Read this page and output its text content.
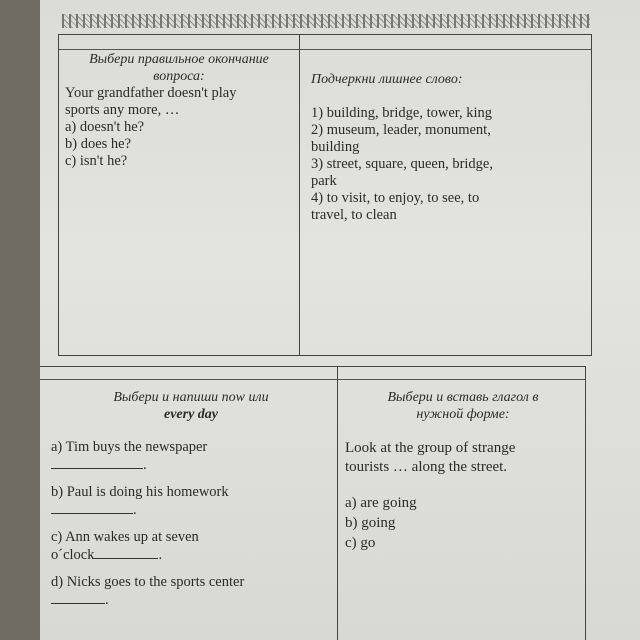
Выбери правильное окончание
вопроса:
Your grandfather doesn't play
sports any more, …
a) doesn't he?
b) does he?
c) isn't he?
Подчеркни лишнее слово:
1) building, bridge, tower, king
2) museum, leader, monument,
building
3) street, square, queen, bridge,
park
4) to visit, to enjoy, to see, to
travel, to clean
Выбери и напиши now или
every day
a) Tim buys the newspaper
.
b) Paul is doing his homework
.
c) Ann wakes up at seven
o´clock	.
d) Nicks goes to the sports center
.
Выбери и вставь глагол в
нужной форме:
Look at the group of strange
tourists … along the street.
a) are going
b) going
c) go
